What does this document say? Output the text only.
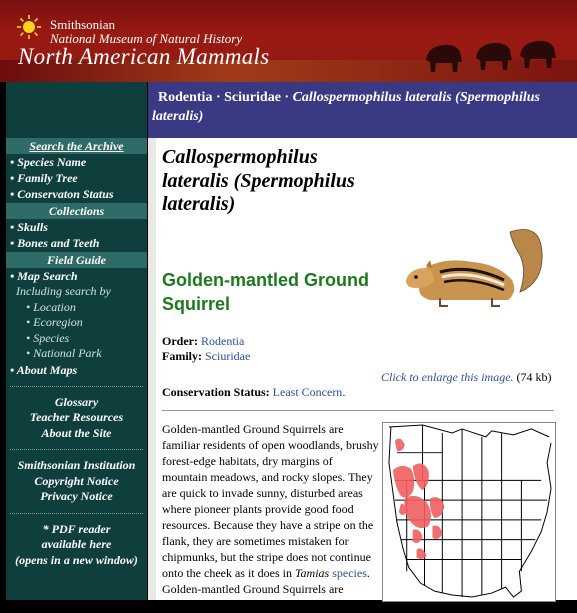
Smithsonian
National Museum of Natural History
North American Mammals
Search the Archive
• Species Name
• Family Tree
• Conservaton Status
Collections
• Skulls
• Bones and Teeth
Field Guide
• Map Search
Including search by
• Location
• Ecoregion
• Species
• National Park
• About Maps
Glossary
Teacher Resources
About the Site
Smithsonian Institution
Copyright Notice
Privacy Notice
* PDF reader
available here
(opens in a new window)
Rodentia · Sciuridae · Callospermophilus lateralis (Spermophilus lateralis)
Callospermophilus lateralis (Spermophilus lateralis)
Golden-mantled Ground Squirrel
Order: Rodentia
Family: Sciuridae
Conservation Status: Least Concern.
Click to enlarge this image. (74 kb)
Golden-mantled Ground Squirrels are familiar residents of open woodlands, brushy forest-edge habitats, dry margins of mountain meadows, and rocky slopes. They are quick to invade sunny, disturbed areas where pioneer plants provide good food resources. Because they have a stripe on the flank, they are sometimes mistaken for chipmunks, but the stripe does not continue onto the cheek as it does in Tamias species. Golden-mantled Ground Squirrels are solitary burrow dwellers
